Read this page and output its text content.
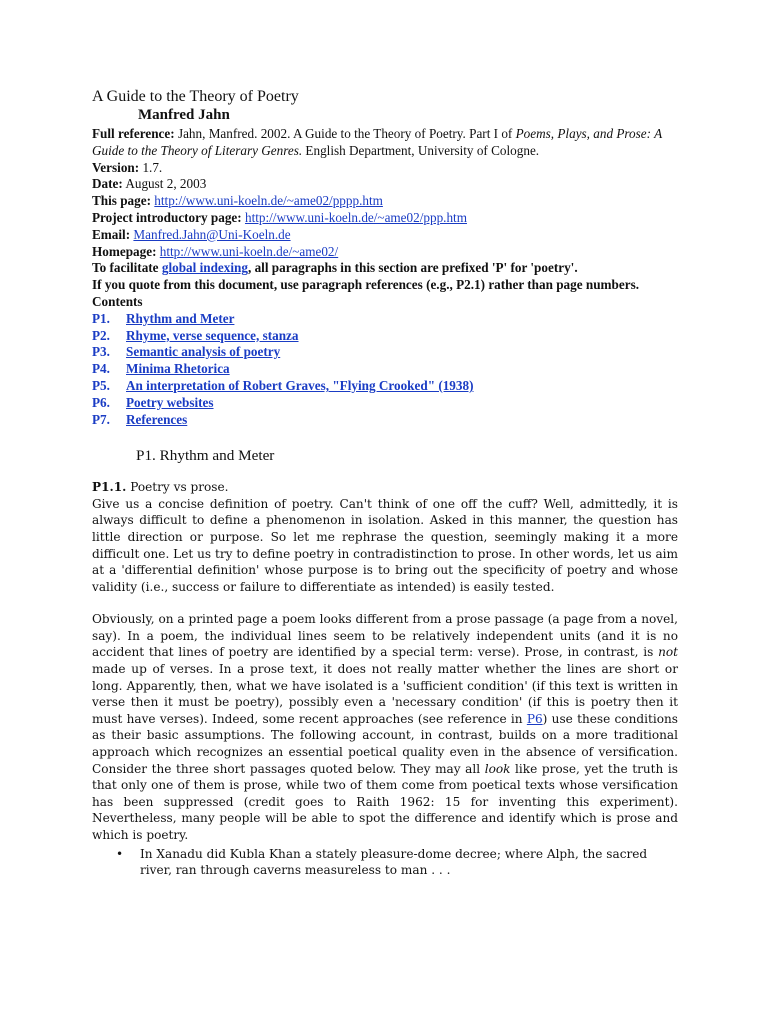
A Guide to the Theory of Poetry

Manfred Jahn

Full reference: Jahn, Manfred. 2002. A Guide to the Theory of Poetry. Part I of Poems, Plays, and Prose: A Guide to the Theory of Literary Genres. English Department, University of Cologne.

Version: 1.7.

Date: August 2, 2003

This page: http://www.uni-koeln.de/~ame02/pppp.htm

Project introductory page: http://www.uni-koeln.de/~ame02/ppp.htm

Email: Manfred.Jahn@Uni-Koeln.de

Homepage: http://www.uni-koeln.de/~ame02/

To facilitate global indexing, all paragraphs in this section are prefixed 'P' for 'poetry'.

If you quote from this document, use paragraph references (e.g., P2.1) rather than page numbers.

Contents

P1. Rhythm and Meter
P2. Rhyme, verse sequence, stanza
P3. Semantic analysis of poetry
P4. Minima Rhetorica
P5. An interpretation of Robert Graves, "Flying Crooked" (1938)
P6. Poetry websites
P7. References
P1. Rhythm and Meter

P1.1. Poetry vs prose.

Give us a concise definition of poetry. Can't think of one off the cuff? Well, admittedly, it is always difficult to define a phenomenon in isolation. Asked in this manner, the question has little direction or purpose. So let me rephrase the question, seemingly making it a more difficult one. Let us try to define poetry in contradistinction to prose. In other words, let us aim at a 'differential definition' whose purpose is to bring out the specificity of poetry and whose validity (i.e., success or failure to differentiate as intended) is easily tested.

Obviously, on a printed page a poem looks different from a prose passage (a page from a novel, say). In a poem, the individual lines seem to be relatively independent units (and it is no accident that lines of poetry are identified by a special term: verse). Prose, in contrast, is not made up of verses. In a prose text, it does not really matter whether the lines are short or long. Apparently, then, what we have isolated is a 'sufficient condition' (if this text is written in verse then it must be poetry), possibly even a 'necessary condition' (if this is poetry then it must have verses). Indeed, some recent approaches (see reference in P6) use these conditions as their basic assumptions. The following account, in contrast, builds on a more traditional approach which recognizes an essential poetical quality even in the absence of versification. Consider the three short passages quoted below. They may all look like prose, yet the truth is that only one of them is prose, while two of them come from poetical texts whose versification has been suppressed (credit goes to Raith 1962: 15 for inventing this experiment). Nevertheless, many people will be able to spot the difference and identify which is prose and which is poetry.

• In Xanadu did Kubla Khan a stately pleasure-dome decree; where Alph, the sacred river, ran through caverns measureless to man . . .
